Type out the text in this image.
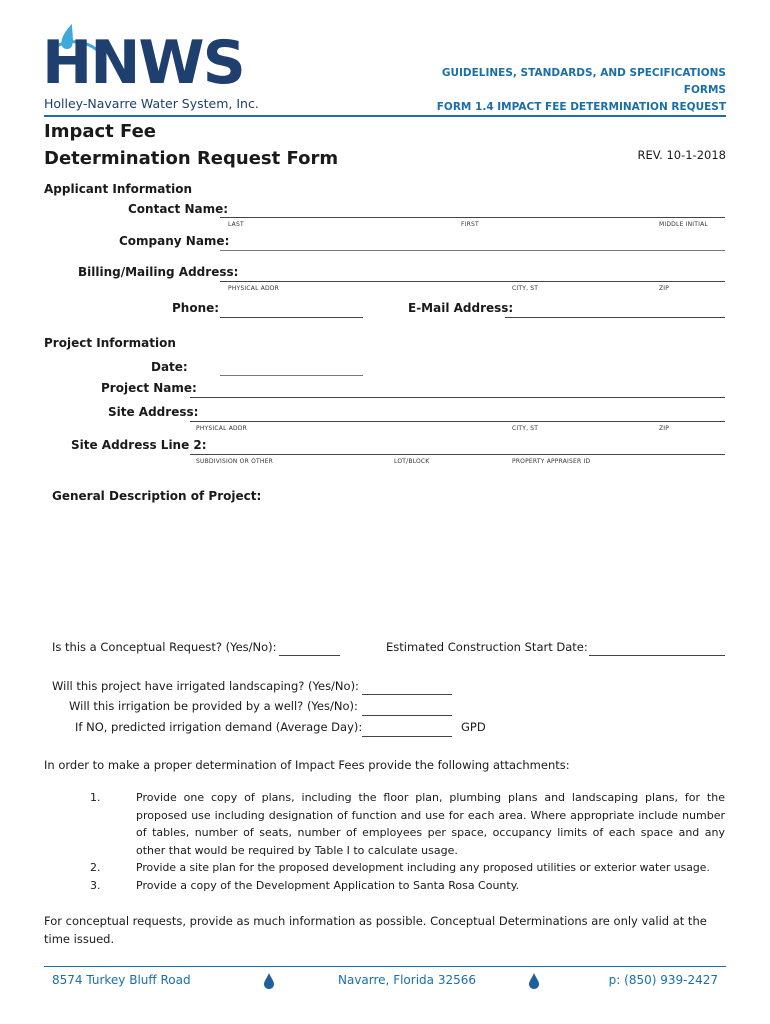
HNWS
Holley-Navarre Water System, Inc.
GUIDELINES, STANDARDS, AND SPECIFICATIONS
FORMS
FORM 1.4 IMPACT FEE DETERMINATION REQUEST
Impact Fee
Determination Request Form	REV. 10-1-2018
Applicant Information
Contact Name:
LAST	FIRST	MIDDLE INITIAL
Company Name:
Billing/Mailing Address:
PHYSICAL ADDR	CITY, ST	ZIP
Phone:	E-Mail Address:
Project Information
Date:
Project Name:
Site Address:
PHYSICAL ADDR	CITY, ST	ZIP
Site Address Line 2:
SUBDIVISION OR OTHER	LOT/BLOCK	PROPERTY APPRAISER ID
General Description of Project:
Is this a Conceptual Request? (Yes/No):	Estimated Construction Start Date:
Will this project have irrigated landscaping? (Yes/No):
Will this irrigation be provided by a well? (Yes/No):
If NO, predicted irrigation demand (Average Day):	GPD
In order to make a proper determination of Impact Fees provide the following attachments:
1.	Provide one copy of plans, including the floor plan, plumbing plans and landscaping plans, for the proposed use including designation of function and use for each area. Where appropriate include number of tables, number of seats, number of employees per space, occupancy limits of each space and any other that would be required by Table I to calculate usage.
2.	Provide a site plan for the proposed development including any proposed utilities or exterior water usage.
3.	Provide a copy of the Development Application to Santa Rosa County.
For conceptual requests, provide as much information as possible. Conceptual Determinations are only valid at the time issued.
8574 Turkey Bluff Road	Navarre, Florida 32566	p: (850) 939-2427
